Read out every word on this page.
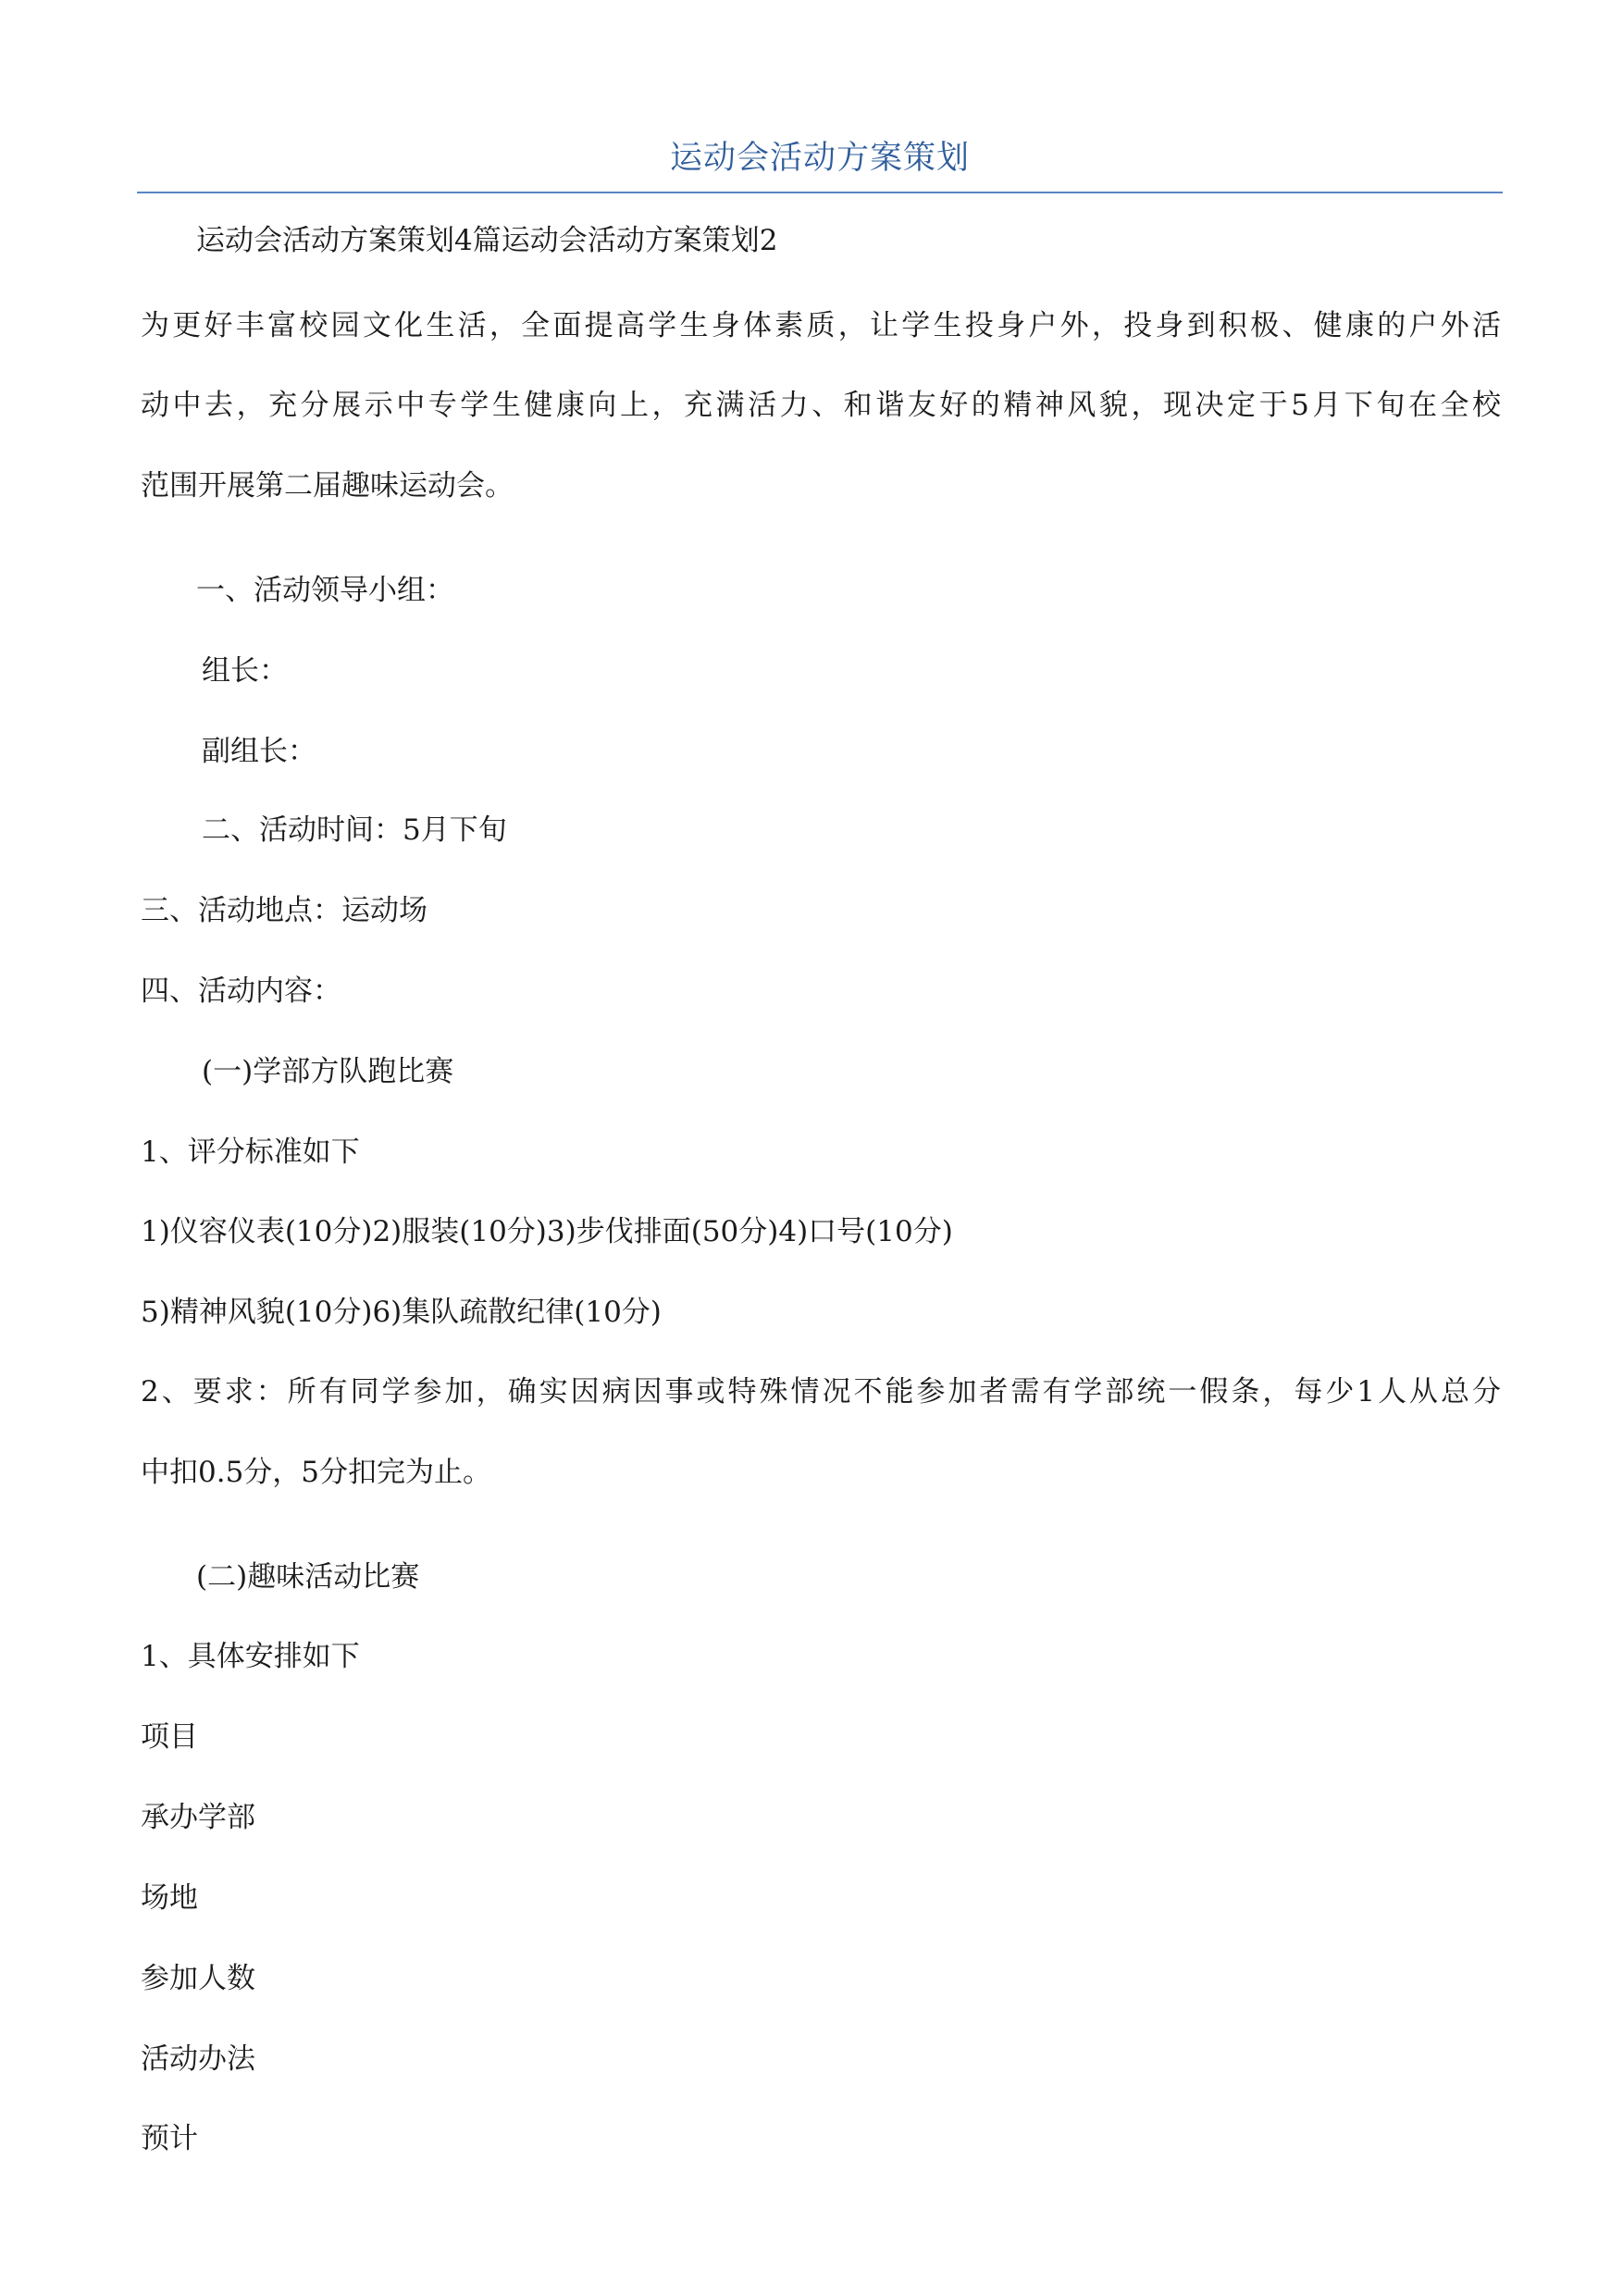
运动会活动方案策划
运动会活动方案策划4篇运动会活动方案策划2
为更好丰富校园文化生活，全面提高学生身体素质，让学生投身户外，投身到积极、健康的户外活
动中去，充分展示中专学生健康向上，充满活力、和谐友好的精神风貌，现决定于5月下旬在全校
范围开展第二届趣味运动会。
一、活动领导小组：
组长：
副组长：
二、活动时间：5月下旬
三、活动地点：运动场
四、活动内容：
(一)学部方队跑比赛
1、评分标准如下
1)仪容仪表(10分)2)服装(10分)3)步伐排面(50分)4)口号(10分)
5)精神风貌(10分)6)集队疏散纪律(10分)
2、要求：所有同学参加，确实因病因事或特殊情况不能参加者需有学部统一假条，每少1人从总分
中扣0.5分，5分扣完为止。
(二)趣味活动比赛
1、具体安排如下
项目
承办学部
场地
参加人数
活动办法
预计
